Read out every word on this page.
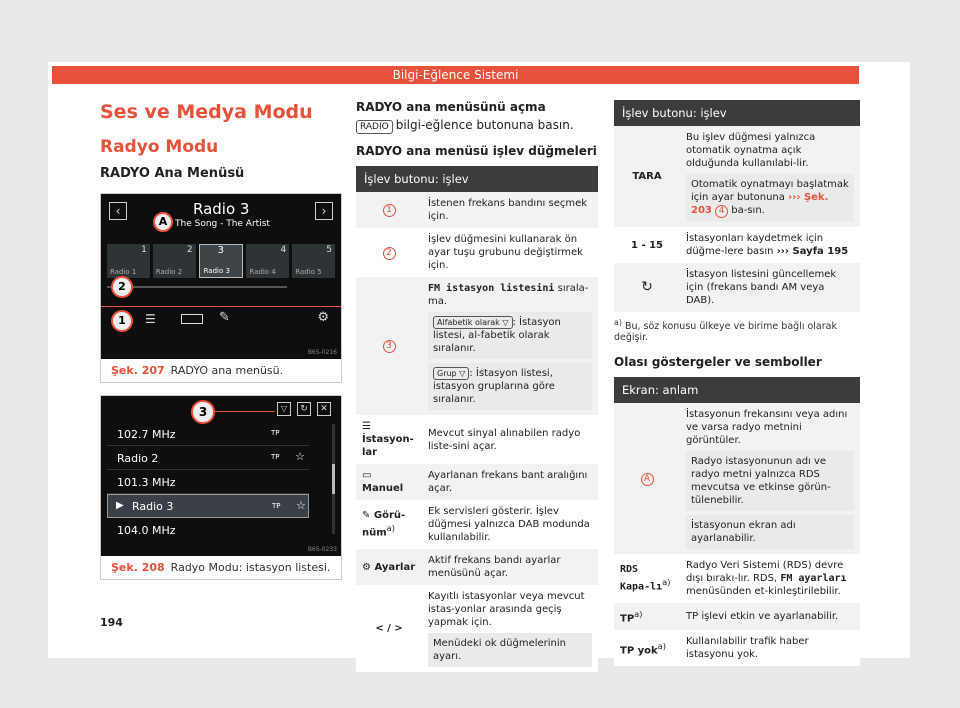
Bilgi-Eğlence Sistemi
Ses ve Medya Modu
Radyo Modu
RADYO Ana Menüsü
‹	›
Radio 3
The Song - The Artist
A
1
Radio 1
2
Radio 2
3
Radio 3
4
Radio 4
5
Radio 5
2
1	☰	✎	⚙
B6S-0216
Şek. 207 RADYO ana menüsü.
3	▽	↻	✕
102.7 MHz	TP
Radio 2	TP ☆
101.3 MHz
▶ Radio 3	TP ☆
104.0 MHz
B6S-0233
Şek. 208 Radyo Modu: istasyon listesi.
RADYO ana menüsünü açma
RADIO bilgi-eğlence butonuna basın.
RADYO ana menüsü işlev düğmeleri
İşlev butonu: işlev	
1	İstenen frekans bandını seçmek için.
2	İşlev düğmesini kullanarak ön ayar tuşu grubunu değiştirmek için.
3	FM istasyon listesini sırala-ma.
Alfabetik olarak ▽ : İstasyon listesi, al-fabetik olarak sıralanır.
Grup ▽ : İstasyon listesi, istasyon gruplarına göre sıralanır.

☰ İstasyon-lar	Mevcut sinyal alınabilen radyo liste-sini açar.
▭ Manuel	Ayarlanan frekans bant aralığını açar.
✎ Görü-nüm$^{a)}$	Ek servisleri gösterir. İşlev düğmesi yalnızca DAB modunda kullanılabilir.
⚙ Ayarlar	Aktif frekans bandı ayarlar menüsünü açar.
< / >	Kayıtlı istasyonlar veya mevcut istas-yonlar arasında geçiş yapmak için.
Menüdeki ok düğmelerinin ayarı.
İşlev butonu: işlev	
TARA	Bu işlev düğmesi yalnızca otomatik oynatma açık olduğunda kullanılabi-lir.
Otomatik oynatmayı başlatmak için ayar butonuna ››› Şek. 203 4 ba-sın.

1 - 15	İstasyonları kaydetmek için düğme-lere basın ››› Sayfa 195
↻	İstasyon listesini güncellemek için (frekans bandı AM veya DAB).
$^{a)}$ Bu, söz konusu ülkeye ve birime bağlı olarak değişir.
Olası göstergeler ve semboller
Ekran: anlam	
A	İstasyonun frekansını veya adını ve varsa radyo metnini görüntüler.
Radyo istasyonunun adı ve radyo metni yalnızca RDS mevcutsa ve etkinse görün-tülenebilir.
İstasyonun ekran adı ayarlanabilir.

RDS Kapa-$lı^{a)}$	Radyo Veri Sistemi (RDS) devre dışı bırakı-lır. RDS, FM ayarları menüsünden et-kinleştirilebilir.
TP$^{a)}$	TP işlevi etkin ve ayarlanabilir.
TP yok$^{a)}$	Kullanılabilir trafik haber istasyonu yok.
194
